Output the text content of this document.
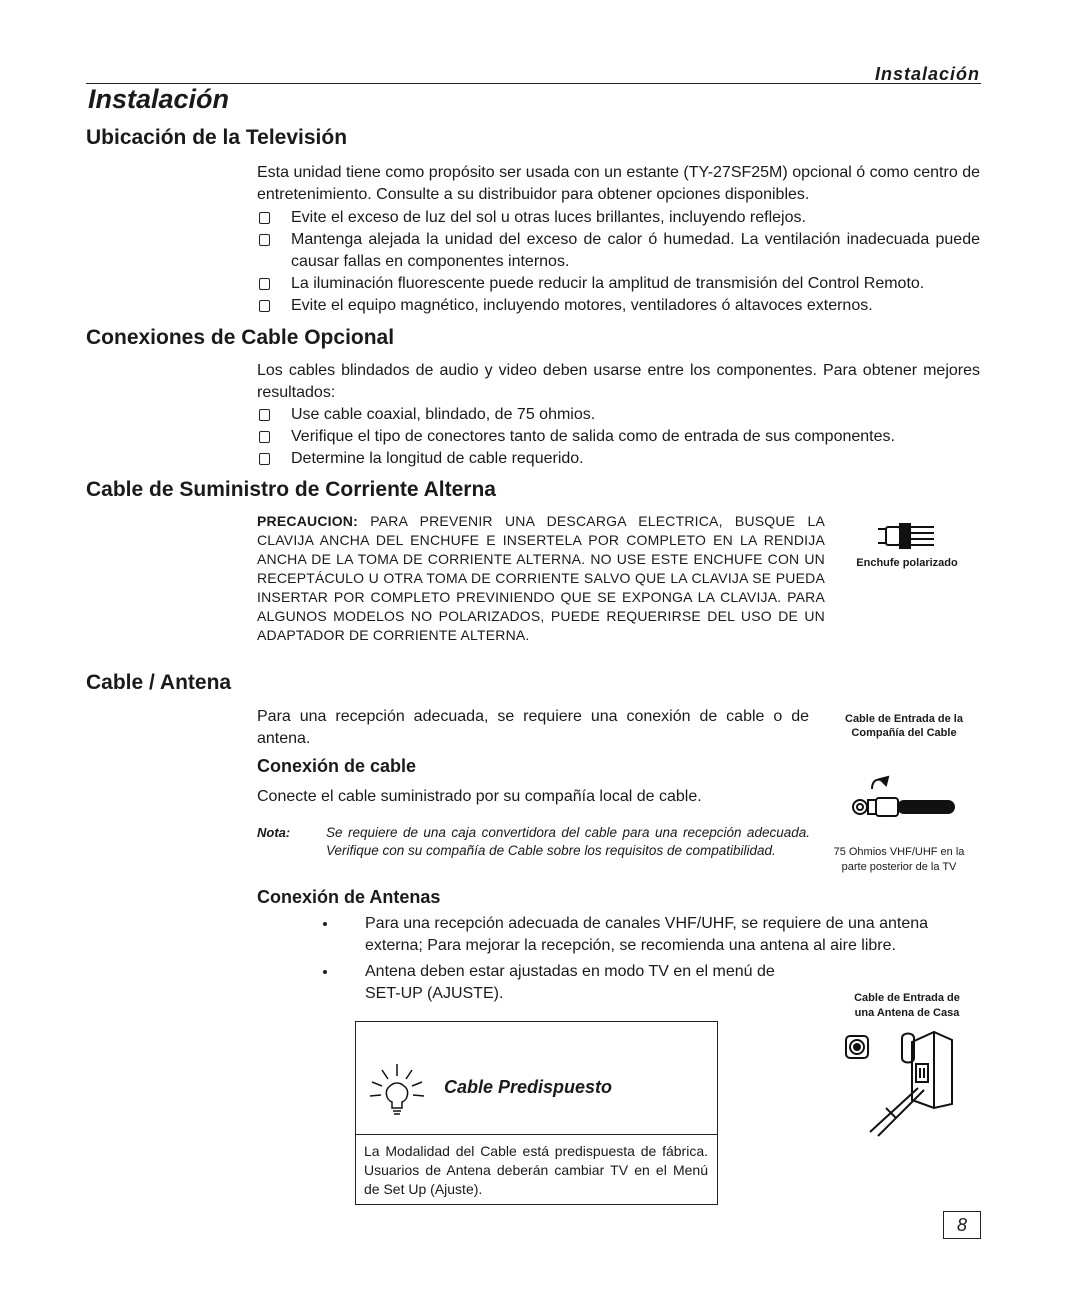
Instalación
Instalación
Ubicación de la Televisión

Esta unidad tiene como propósito ser usada con un estante (TY-27SF25M) opcional ó como centro de entretenimiento. Consulte a su distribuidor para obtener opciones disponibles.

Evite el exceso de luz del sol u otras luces brillantes, incluyendo reflejos.
Mantenga alejada la unidad del exceso de calor ó humedad. La ventilación inadecuada puede causar fallas en componentes internos.
La iluminación fluorescente puede reducir la amplitud de transmisión del Control Remoto.
Evite el equipo magnético, incluyendo motores, ventiladores ó altavoces externos.
Conexiones de Cable Opcional

Los cables blindados de audio y video deben usarse entre los componentes. Para obtener mejores resultados:

Use cable coaxial, blindado, de 75 ohmios.
Verifique el tipo de conectores tanto de salida como de entrada de sus componentes.
Determine la longitud de cable requerido.
Cable de Suministro de Corriente Alterna

PRECAUCION: PARA PREVENIR UNA DESCARGA ELECTRICA, BUSQUE LA CLAVIJA ANCHA DEL ENCHUFE E INSERTELA POR COMPLETO EN LA RENDIJA ANCHA DE LA TOMA DE CORRIENTE ALTERNA. NO USE ESTE ENCHUFE CON UN RECEPTÁCULO U OTRA TOMA DE CORRIENTE SALVO QUE LA CLAVIJA SE PUEDA INSERTAR POR COMPLETO PREVINIENDO QUE SE EXPONGA LA CLAVIJA. PARA ALGUNOS MODELOS NO POLARIZADOS, PUEDE REQUERIRSE DEL USO DE UN ADAPTADOR DE CORRIENTE ALTERNA.

Enchufe polarizado
Cable / Antena

Para una recepción adecuada, se requiere una conexión de cable o de antena.

Cable de Entrada de la
Compañía del Cable
Conexión de cable

Conecte el cable suministrado por su compañía local de cable.

Nota:	Se requiere de una caja convertidora del cable para una recepción adecuada. Verifique con su compañía de Cable sobre los requisitos de compatibilidad.	75 Ohmios VHF/UHF en la
parte posterior de la TV
Conexión de Antenas
Para una recepción adecuada de canales VHF/UHF, se requiere de una antena externa; Para mejorar la recepción, se recomienda una antena al aire libre.
Antena deben estar ajustadas en modo TV en el menú de SET-UP (AJUSTE).	Cable de Entrada de
una Antena de Casa
Cable Predispuesto

La Modalidad del Cable está predispuesta de fábrica. Usuarios de Antena deberán cambiar TV en el Menú de Set Up (Ajuste).

8
